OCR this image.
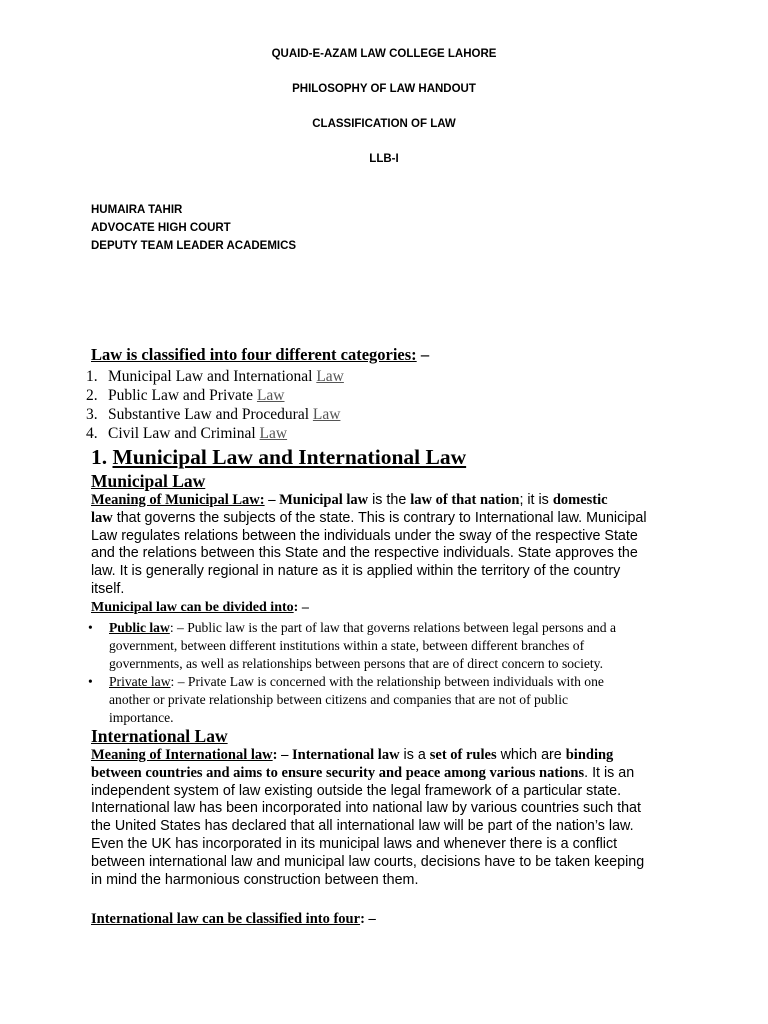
QUAID-E-AZAM LAW COLLEGE LAHORE
PHILOSOPHY OF LAW HANDOUT
CLASSIFICATION OF LAW
LLB-I
HUMAIRA TAHIR
ADVOCATE HIGH COURT
DEPUTY TEAM LEADER ACADEMICS
Law is classified into four different categories: –
1. Municipal Law and International Law
2. Public Law and Private Law
3. Substantive Law and Procedural Law
4. Civil Law and Criminal Law
1. Municipal Law and International Law
Municipal Law
Meaning of Municipal Law: – Municipal law is the law of that nation; it is domestic
law that governs the subjects of the state. This is contrary to International law. Municipal
Law regulates relations between the individuals under the sway of the respective State
and the relations between this State and the respective individuals. State approves the
law. It is generally regional in nature as it is applied within the territory of the country
itself.
Municipal law can be divided into: –
• Public law: – Public law is the part of law that governs relations between legal persons and a
government, between different institutions within a state, between different branches of
governments, as well as relationships between persons that are of direct concern to society.
• Private law: – Private Law is concerned with the relationship between individuals with one
another or private relationship between citizens and companies that are not of public
importance.
International Law
Meaning of International law: – International law is a set of rules which are binding
between countries and aims to ensure security and peace among various nations. It is an
independent system of law existing outside the legal framework of a particular state.
International law has been incorporated into national law by various countries such that
the United States has declared that all international law will be part of the nation’s law.
Even the UK has incorporated in its municipal laws and whenever there is a conflict
between international law and municipal law courts, decisions have to be taken keeping
in mind the harmonious construction between them.
International law can be classified into four: –
